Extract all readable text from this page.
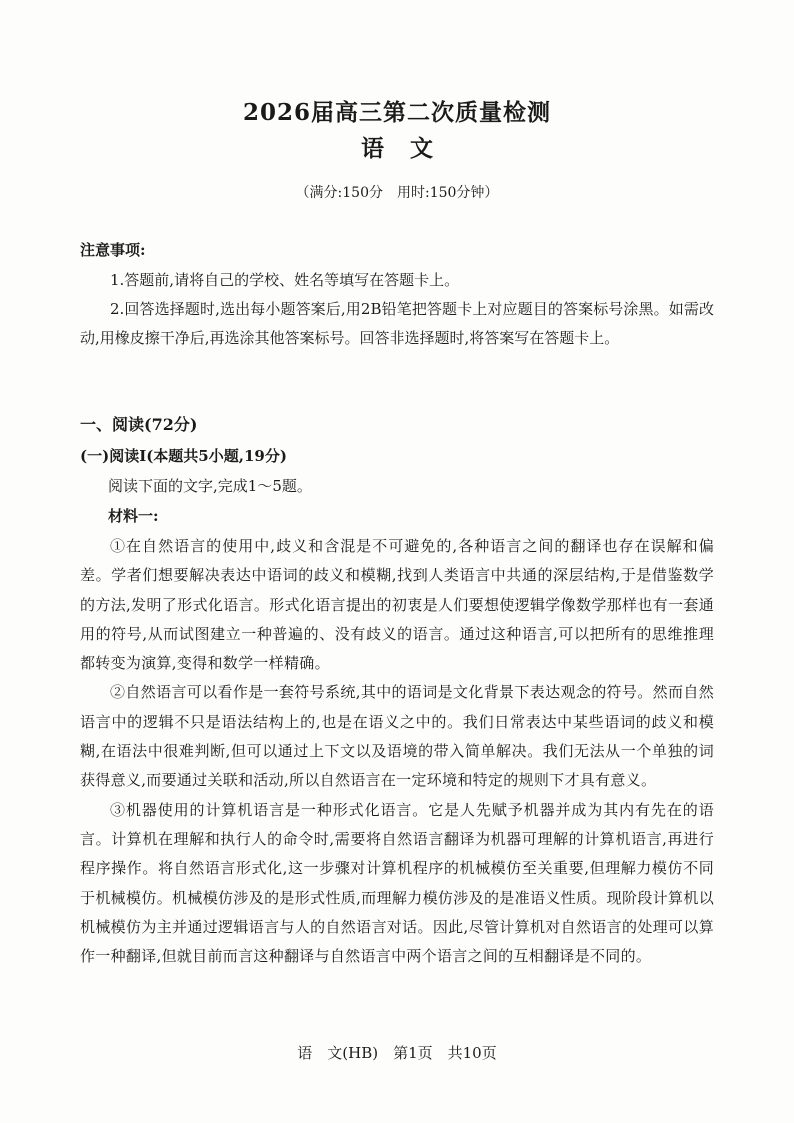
2026届高三第二次质量检测
语文
（满分:150分　用时:150分钟）
注意事项:

1.答题前,请将自己的学校、姓名等填写在答题卡上。

2.回答选择题时,选出每小题答案后,用2B铅笔把答题卡上对应题目的答案标号涂黑。如需改动,用橡皮擦干净后,再选涂其他答案标号。回答非选择题时,将答案写在答题卡上。

一、阅读(72分)
(一)阅读Ⅰ(本题共5小题,19分)
阅读下面的文字,完成1～5题。
材料一:

①在自然语言的使用中,歧义和含混是不可避免的,各种语言之间的翻译也存在误解和偏差。学者们想要解决表达中语词的歧义和模糊,找到人类语言中共通的深层结构,于是借鉴数学的方法,发明了形式化语言。形式化语言提出的初衷是人们要想使逻辑学像数学那样也有一套通用的符号,从而试图建立一种普遍的、没有歧义的语言。通过这种语言,可以把所有的思维推理都转变为演算,变得和数学一样精确。

②自然语言可以看作是一套符号系统,其中的语词是文化背景下表达观念的符号。然而自然语言中的逻辑不只是语法结构上的,也是在语义之中的。我们日常表达中某些语词的歧义和模糊,在语法中很难判断,但可以通过上下文以及语境的带入简单解决。我们无法从一个单独的词获得意义,而要通过关联和活动,所以自然语言在一定环境和特定的规则下才具有意义。

③机器使用的计算机语言是一种形式化语言。它是人先赋予机器并成为其内有先在的语言。计算机在理解和执行人的命令时,需要将自然语言翻译为机器可理解的计算机语言,再进行程序操作。将自然语言形式化,这一步骤对计算机程序的机械模仿至关重要,但理解力模仿不同于机械模仿。机械模仿涉及的是形式性质,而理解力模仿涉及的是准语义性质。现阶段计算机以机械模仿为主并通过逻辑语言与人的自然语言对话。因此,尽管计算机对自然语言的处理可以算作一种翻译,但就目前而言这种翻译与自然语言中两个语言之间的互相翻译是不同的。

语　文(HB)　第1页　共10页
